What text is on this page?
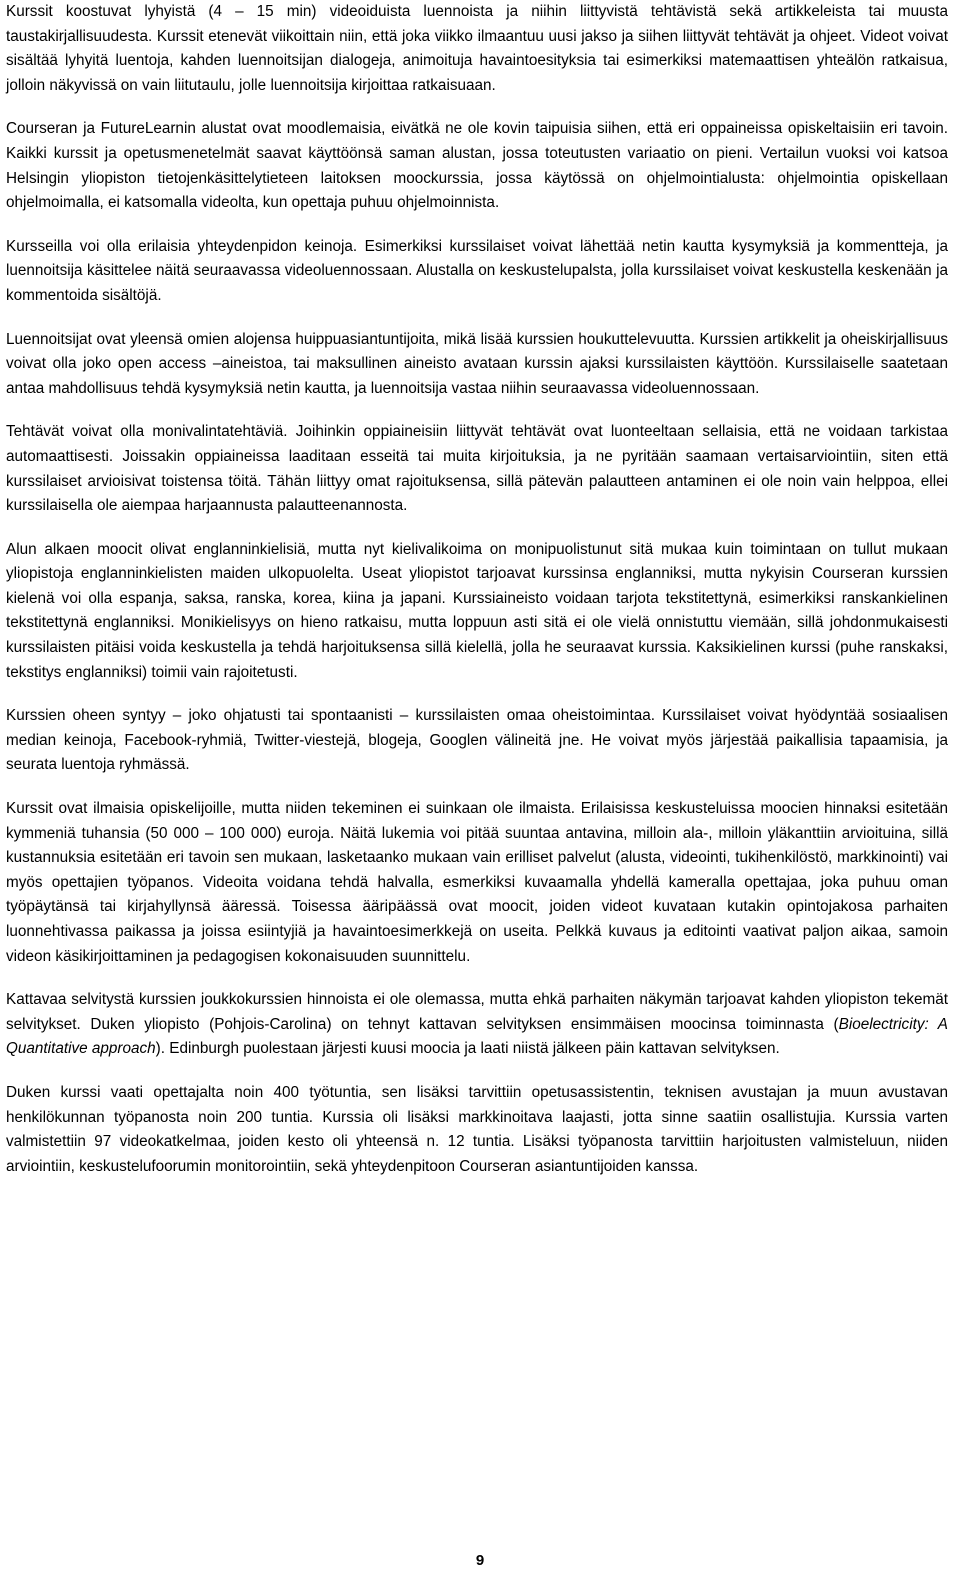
Kurssit koostuvat lyhyistä (4 – 15 min) videoiduista luennoista ja niihin liittyvistä tehtävistä sekä artikkeleista tai muusta taustakirjallisuudesta. Kurssit etenevät viikoittain niin, että joka viikko ilmaantuu uusi jakso ja siihen liittyvät tehtävät ja ohjeet. Videot voivat sisältää lyhyitä luentoja, kahden luennoitsijan dialogeja, animoituja havaintoesityksia tai esimerkiksi matemaattisen yhteälön ratkaisua, jolloin näkyvissä on vain liitutaulu, jolle luennoitsija kirjoittaa ratkaisuaan.

Courseran ja FutureLearnin alustat ovat moodlemaisia, eivätkä ne ole kovin taipuisia siihen, että eri oppaineissa opiskeltaisiin eri tavoin. Kaikki kurssit ja opetusmenetelmät saavat käyttöönsä saman alustan, jossa toteutusten variaatio on pieni. Vertailun vuoksi voi katsoa Helsingin yliopiston tietojenkäsittelytieteen laitoksen moockurssia, jossa käytössä on ohjelmointialusta: ohjelmointia opiskellaan ohjelmoimalla, ei katsomalla videolta, kun opettaja puhuu ohjelmoinnista.

Kursseilla voi olla erilaisia yhteydenpidon keinoja. Esimerkiksi kurssilaiset voivat lähettää netin kautta kysymyksiä ja kommentteja, ja luennoitsija käsittelee näitä seuraavassa videoluennossaan. Alustalla on keskustelupalsta, jolla kurssilaiset voivat keskustella keskenään ja kommentoida sisältöjä.

Luennoitsijat ovat yleensä omien alojensa huippuasiantuntijoita, mikä lisää kurssien houkuttelevuutta. Kurssien artikkelit ja oheiskirjallisuus voivat olla joko open access –aineistoa, tai maksullinen aineisto avataan kurssin ajaksi kurssilaisten käyttöön. Kurssilaiselle saatetaan antaa mahdollisuus tehdä kysymyksiä netin kautta, ja luennoitsija vastaa niihin seuraavassa videoluennossaan.

Tehtävät voivat olla monivalintatehtäviä. Joihinkin oppiaineisiin liittyvät tehtävät ovat luonteeltaan sellaisia, että ne voidaan tarkistaa automaattisesti. Joissakin oppiaineissa laaditaan esseitä tai muita kirjoituksia, ja ne pyritään saamaan vertaisarviointiin, siten että kurssilaiset arvioisivat toistensa töitä. Tähän liittyy omat rajoituksensa, sillä pätevän palautteen antaminen ei ole noin vain helppoa, ellei kurssilaisella ole aiempaa harjaannusta palautteenannosta.

Alun alkaen moocit olivat englanninkielisiä, mutta nyt kielivalikoima on monipuolistunut sitä mukaa kuin toimintaan on tullut mukaan yliopistoja englanninkielisten maiden ulkopuolelta. Useat yliopistot tarjoavat kurssinsa englanniksi, mutta nykyisin Courseran kurssien kielenä voi olla espanja, saksa, ranska, korea, kiina ja japani. Kurssiaineisto voidaan tarjota tekstitettynä, esimerkiksi ranskankielinen tekstitettynä englanniksi. Monikielisyys on hieno ratkaisu, mutta loppuun asti sitä ei ole vielä onnistuttu viemään, sillä johdonmukaisesti kurssilaisten pitäisi voida keskustella ja tehdä harjoituksensa sillä kielellä, jolla he seuraavat kurssia. Kaksikielinen kurssi (puhe ranskaksi, tekstitys englanniksi) toimii vain rajoitetusti.

Kurssien oheen syntyy – joko ohjatusti tai spontaanisti – kurssilaisten omaa oheistoimintaa. Kurssilaiset voivat hyödyntää sosiaalisen median keinoja, Facebook-ryhmiä, Twitter-viestejä, blogeja, Googlen välineitä jne. He voivat myös järjestää paikallisia tapaamisia, ja seurata luentoja ryhmässä.

Kurssit ovat ilmaisia opiskelijoille, mutta niiden tekeminen ei suinkaan ole ilmaista. Erilaisissa keskusteluissa moocien hinnaksi esitetään kymmeniä tuhansia (50 000 – 100 000) euroja. Näitä lukemia voi pitää suuntaa antavina, milloin ala-, milloin yläkanttiin arvioituina, sillä kustannuksia esitetään eri tavoin sen mukaan, lasketaanko mukaan vain erilliset palvelut (alusta, videointi, tukihenkilöstö, markkinointi) vai myös opettajien työpanos. Videoita voidana tehdä halvalla, esmerkiksi kuvaamalla yhdellä kameralla opettajaa, joka puhuu oman työpäytänsä tai kirjahyllynsä ääressä. Toisessa ääripäässä ovat moocit, joiden videot kuvataan kutakin opintojakosa parhaiten luonnehtivassa paikassa ja joissa esiintyjiä ja havaintoesimerkkejä on useita. Pelkkä kuvaus ja editointi vaativat paljon aikaa, samoin videon käsikirjoittaminen ja pedagogisen kokonaisuuden suunnittelu.

Kattavaa selvitystä kurssien joukkokurssien hinnoista ei ole olemassa, mutta ehkä parhaiten näkymän tarjoavat kahden yliopiston tekemät selvitykset. Duken yliopisto (Pohjois-Carolina) on tehnyt kattavan selvityksen ensimmäisen moocinsa toiminnasta (Bioelectricity: A Quantitative approach). Edinburgh puolestaan järjesti kuusi moocia ja laati niistä jälkeen päin kattavan selvityksen.

Duken kurssi vaati opettajalta noin 400 työtuntia, sen lisäksi tarvittiin opetusassistentin, teknisen avustajan ja muun avustavan henkilökunnan työpanosta noin 200 tuntia. Kurssia oli lisäksi markkinoitava laajasti, jotta sinne saatiin osallistujia. Kurssia varten valmistettiin 97 videokatkelmaa, joiden kesto oli yhteensä n. 12 tuntia. Lisäksi työpanosta tarvittiin harjoitusten valmisteluun, niiden arviointiin, keskustelufoorumin monitorointiin, sekä yhteydenpitoon Courseran asiantuntijoiden kanssa.

9
